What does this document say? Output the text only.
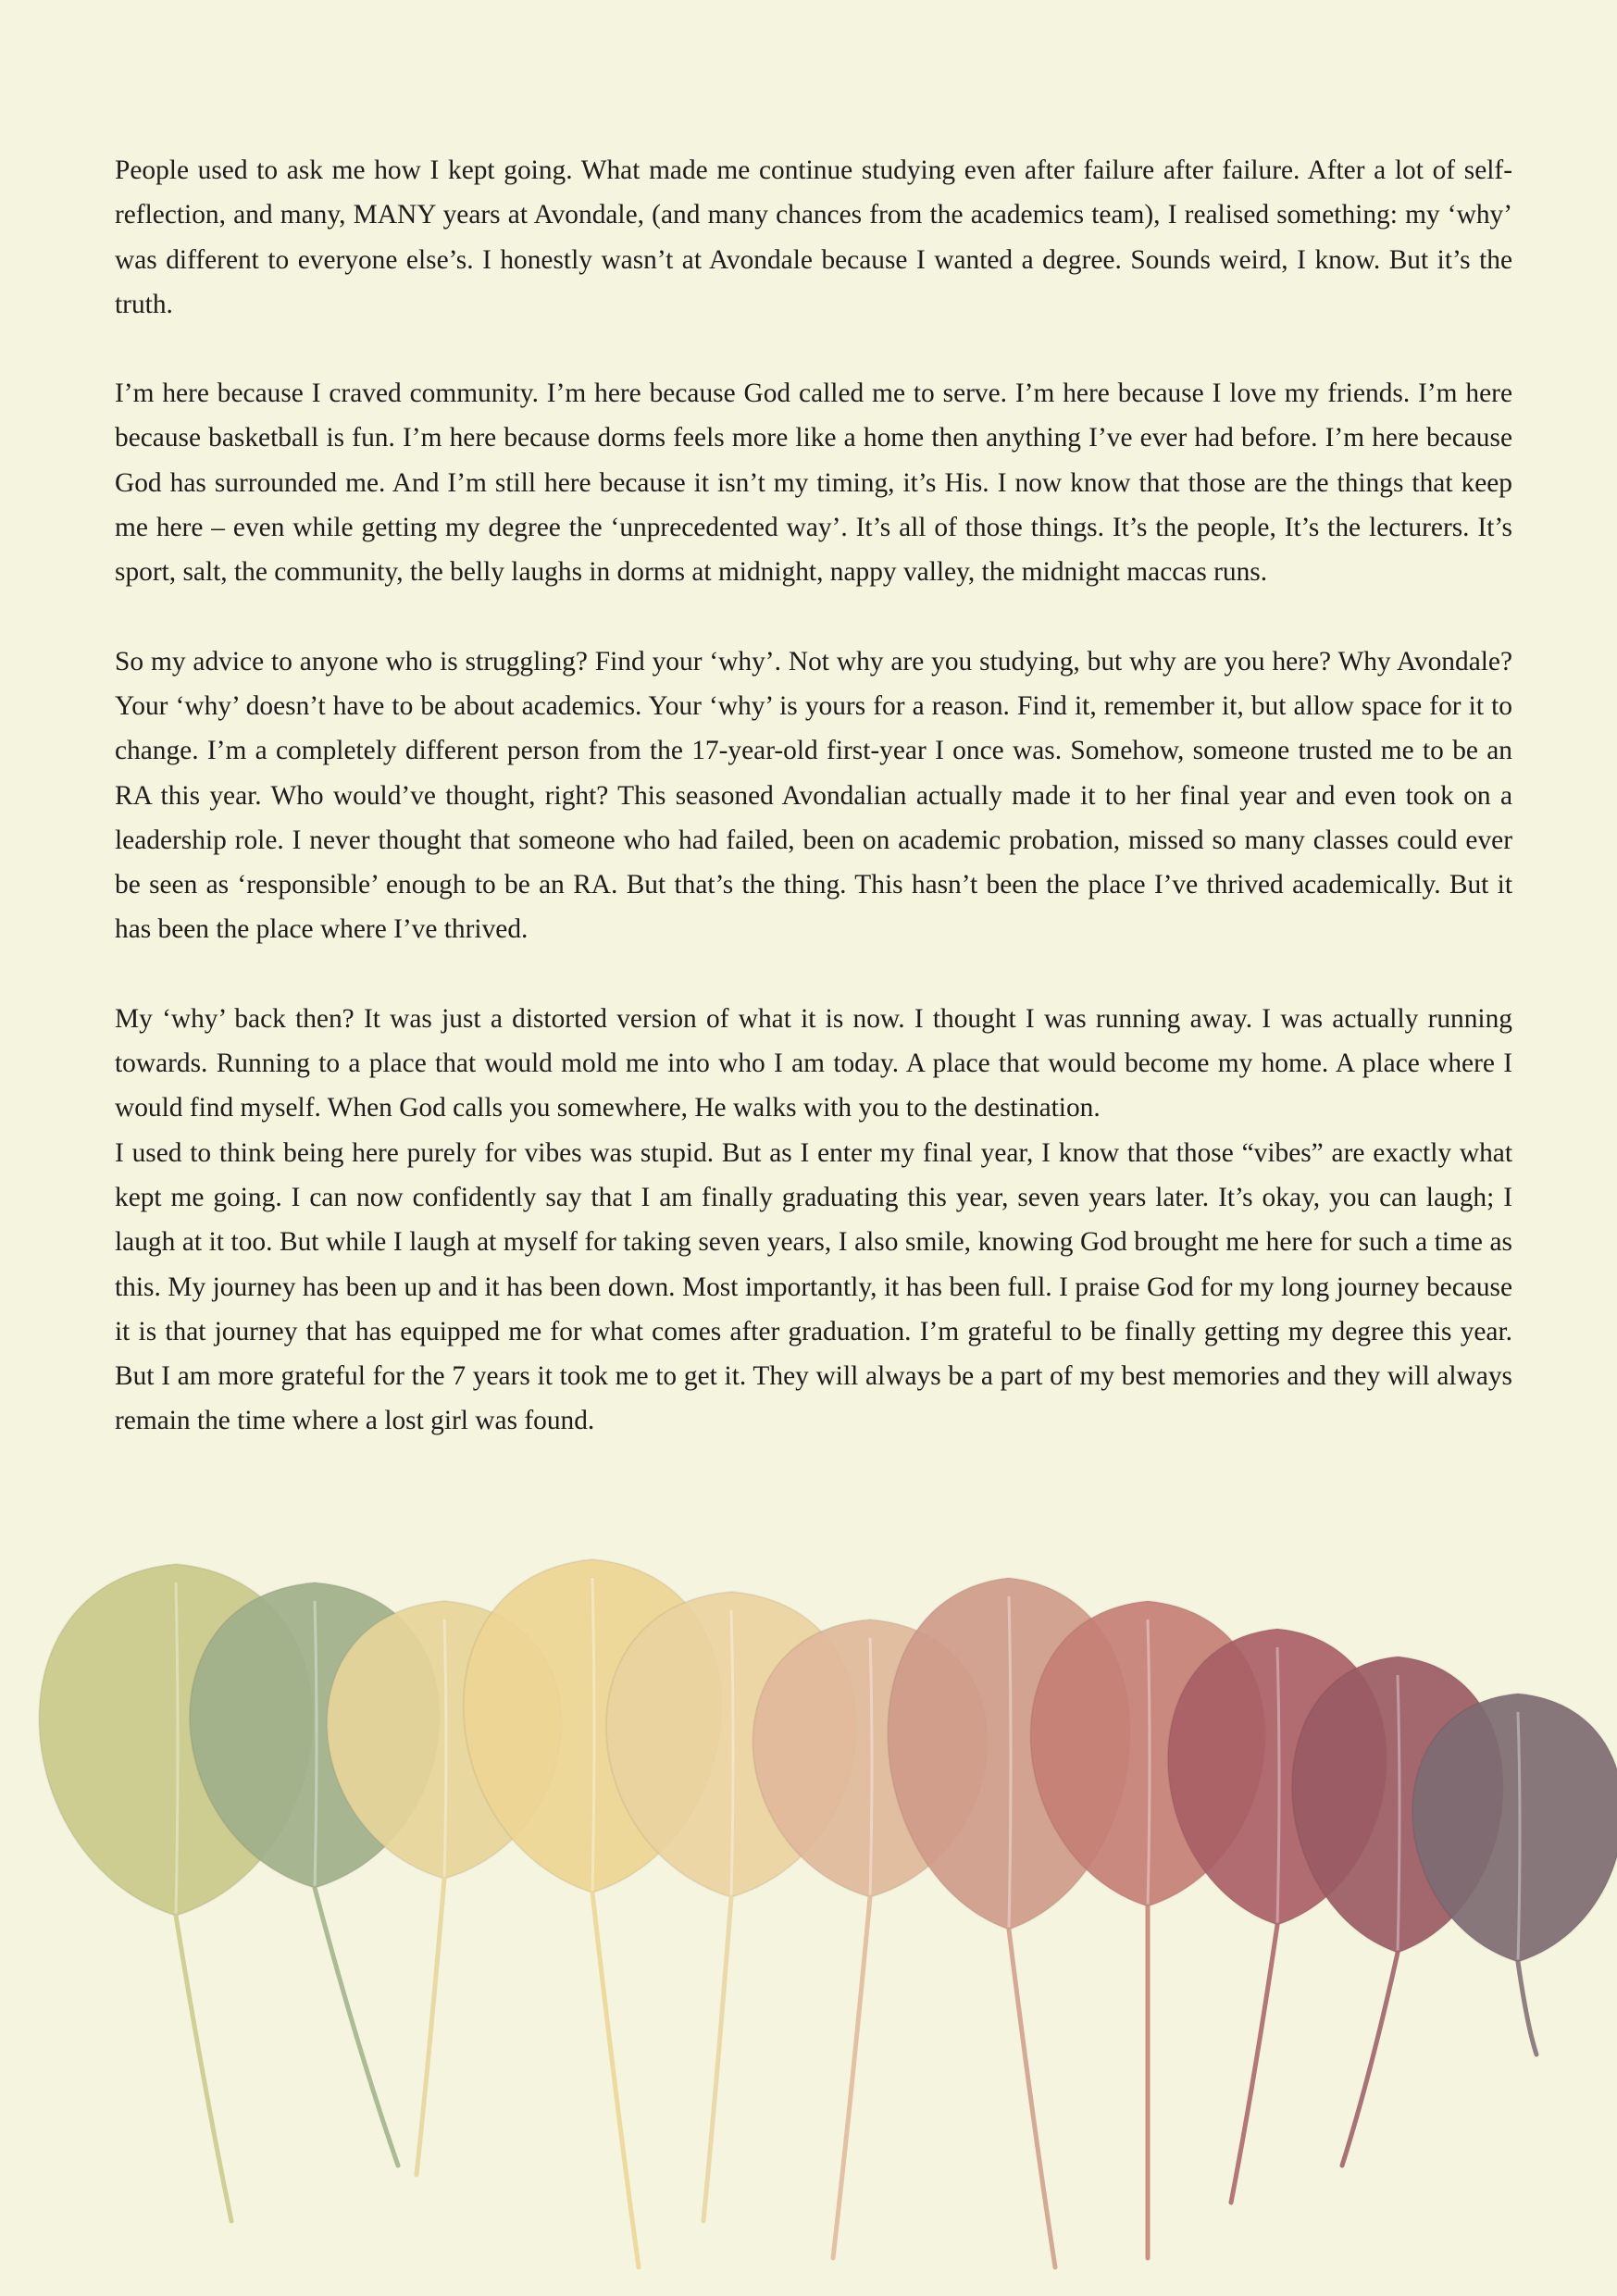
People used to ask me how I kept going. What made me continue studying even after failure after failure. After a lot of self-reflection, and many, MANY years at Avondale, (and many chances from the academics team), I realised something: my ‘why’ was different to everyone else’s. I honestly wasn’t at Avondale because I wanted a degree. Sounds weird, I know. But it’s the truth.

I’m here because I craved community. I’m here because God called me to serve. I’m here because I love my friends. I’m here because basketball is fun. I’m here because dorms feels more like a home then anything I’ve ever had before. I’m here because God has surrounded me. And I’m still here because it isn’t my timing, it’s His. I now know that those are the things that keep me here – even while getting my degree the ‘unprecedented way’. It’s all of those things. It’s the people, It’s the lecturers. It’s sport, salt, the community, the belly laughs in dorms at midnight, nappy valley, the midnight maccas runs.

So my advice to anyone who is struggling? Find your ‘why’. Not why are you studying, but why are you here? Why Avondale? Your ‘why’ doesn’t have to be about academics. Your ‘why’ is yours for a reason. Find it, remember it, but allow space for it to change. I’m a completely different person from the 17-year-old first-year I once was. Somehow, someone trusted me to be an RA this year. Who would’ve thought, right? This seasoned Avondalian actually made it to her final year and even took on a leadership role. I never thought that someone who had failed, been on academic probation, missed so many classes could ever be seen as ‘responsible’ enough to be an RA. But that’s the thing. This hasn’t been the place I’ve thrived academically. But it has been the place where I’ve thrived.

My ‘why’ back then? It was just a distorted version of what it is now. I thought I was running away. I was actually running towards. Running to a place that would mold me into who I am today. A place that would become my home. A place where I would find myself. When God calls you somewhere, He walks with you to the destination.

I used to think being here purely for vibes was stupid. But as I enter my final year, I know that those “vibes” are exactly what kept me going. I can now confidently say that I am finally graduating this year, seven years later. It’s okay, you can laugh; I laugh at it too. But while I laugh at myself for taking seven years, I also smile, knowing God brought me here for such a time as this. My journey has been up and it has been down. Most importantly, it has been full. I praise God for my long journey because it is that journey that has equipped me for what comes after graduation. I’m grateful to be finally getting my degree this year. But I am more grateful for the 7 years it took me to get it. They will always be a part of my best memories and they will always remain the time where a lost girl was found.
